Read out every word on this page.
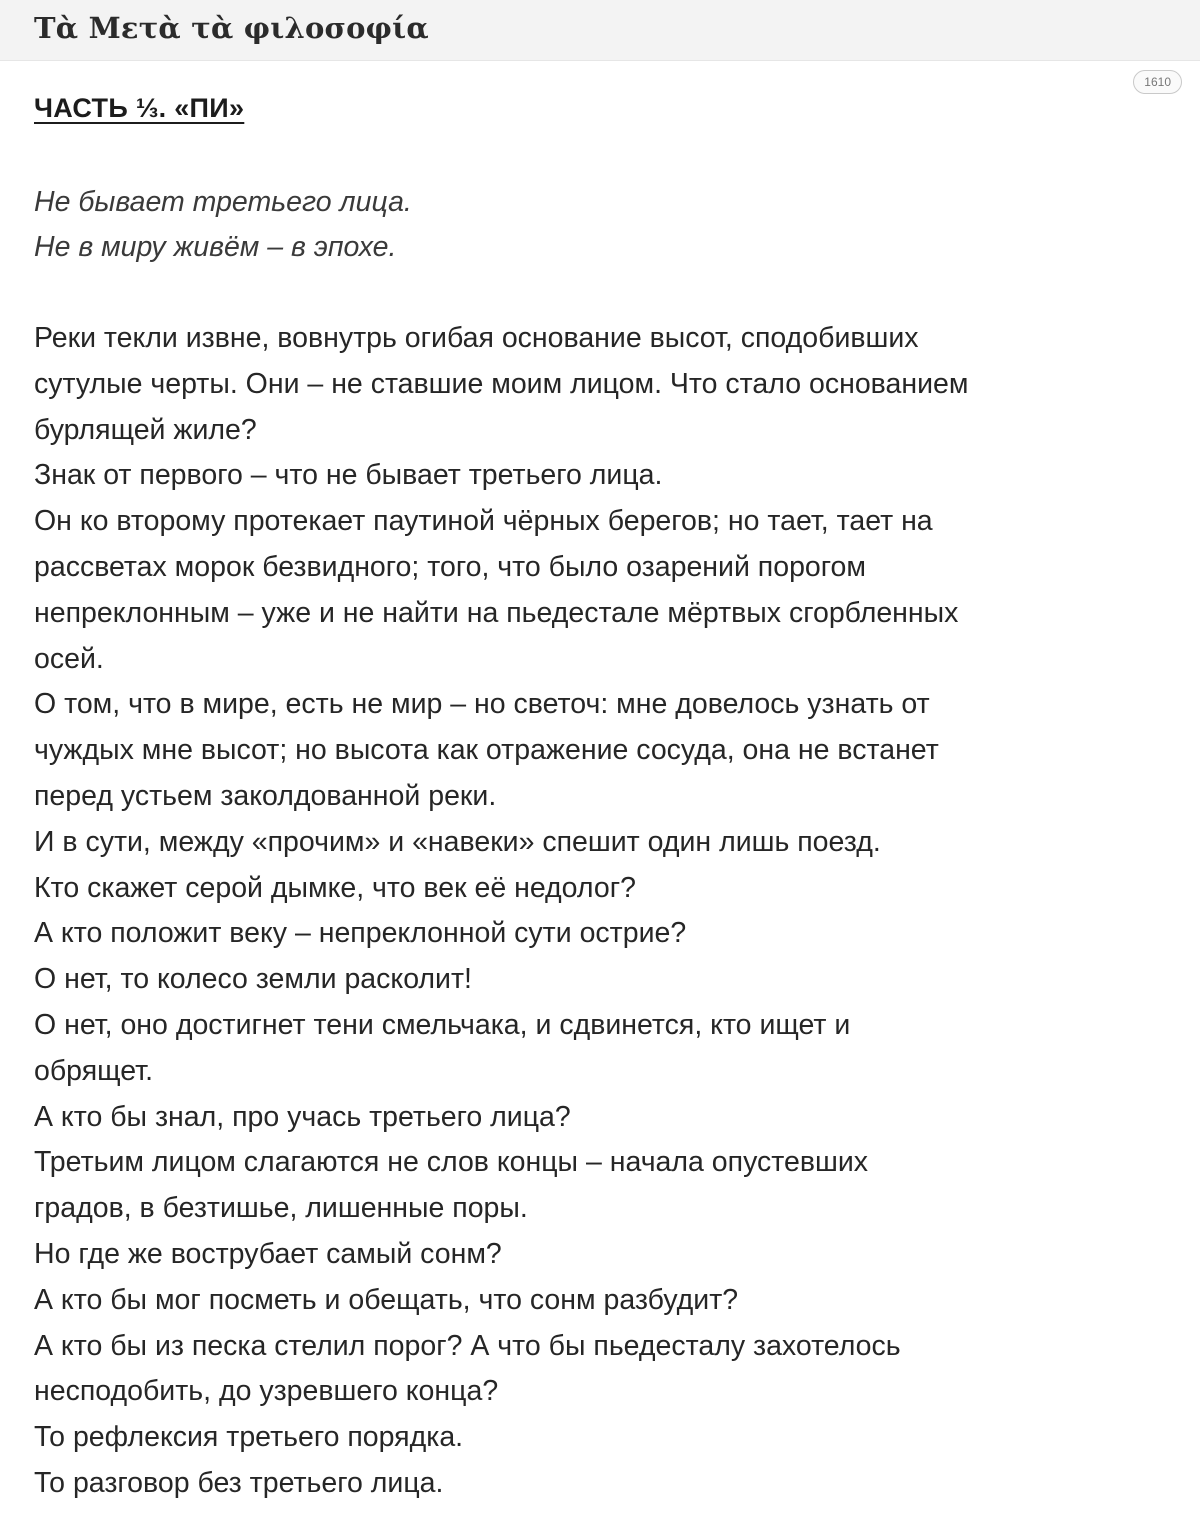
Τὰ Μετὰ τὰ φιλοσοφία
1610
ЧАСТЬ ⅓. «ПИ»
Не бывает третьего лица.
Не в миру живём – в эпохе.
Реки текли извне, вовнутрь огибая основание высот, сподобивших
сутулые черты. Они – не ставшие моим лицом. Что стало основанием
бурлящей жиле?
Знак от первого – что не бывает третьего лица.
Он ко второму протекает паутиной чёрных берегов; но тает, тает на
рассветах морок безвидного; того, что было озарений порогом
непреклонным – уже и не найти на пьедестале мёртвых сгорбленных
осей.
О том, что в мире, есть не мир – но светоч: мне довелось узнать от
чуждых мне высот; но высота как отражение сосуда, она не встанет
перед устьем заколдованной реки.
И в сути, между «прочим» и «навеки» спешит один лишь поезд.
Кто скажет серой дымке, что век её недолог?
А кто положит веку – непреклонной сути острие?
О нет, то колесо земли расколит!
О нет, оно достигнет тени смельчака, и сдвинется, кто ищет и
обрящет.
А кто бы знал, про учась третьего лица?
Третьим лицом слагаются не слов концы – начала опустевших
градов, в безтишье, лишенные поры.
Но где же вострубает самый сонм?
А кто бы мог посметь и обещать, что сонм разбудит?
А кто бы из песка стелил порог? А что бы пьедесталу захотелось
несподобить, до узревшего конца?
То рефлексия третьего порядка.
То разговор без третьего лица.
